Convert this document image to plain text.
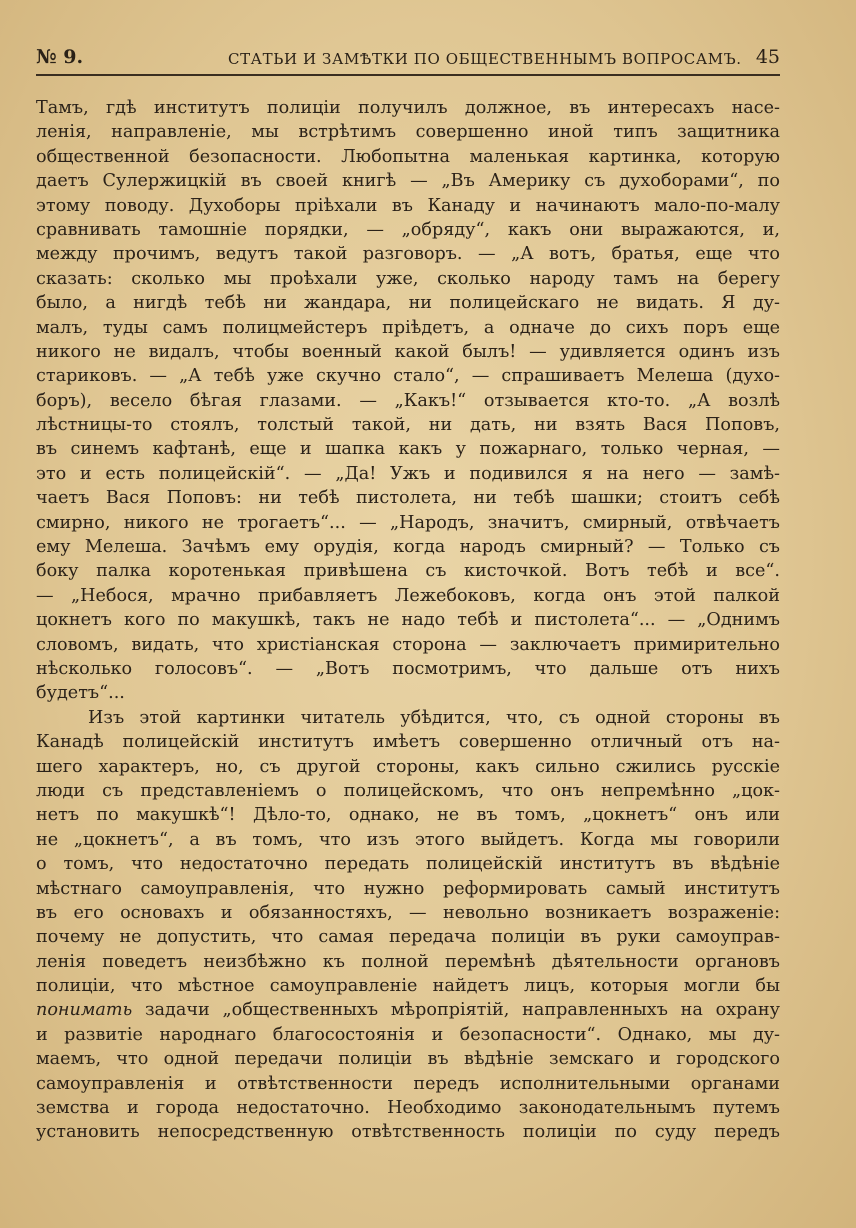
№ 9.	СТАТЬИ И ЗАМѢТКИ ПО ОБЩЕСТВЕННЫМЪ ВОПРОСАМЪ. 45
Тамъ, гдѣ институтъ полиціи получилъ должное, въ интересахъ насе-
ленія, направленіе, мы встрѣтимъ совершенно иной типъ защитника
общественной безопасности. Любопытна маленькая картинка, которую
даетъ Сулержицкій въ своей книгѣ — „Въ Америку съ духоборами“, по
этому поводу. Духоборы пріѣхали въ Канаду и начинаютъ мало-по-малу
сравнивать тамошніе порядки, — „обряду“, какъ они выражаются, и,
между прочимъ, ведутъ такой разговоръ. — „А вотъ, братья, еще что
сказать: сколько мы проѣхали уже, сколько народу тамъ на берегу
было, а нигдѣ тебѣ ни жандара, ни полицейскаго не видать. Я ду-
малъ, туды самъ полицмейстеръ пріѣдетъ, а одначе до сихъ поръ еще
никого не видалъ, чтобы военный какой былъ! — удивляется одинъ изъ
стариковъ. — „А тебѣ уже скучно стало“, — спрашиваетъ Мелеша (духо-
боръ), весело бѣгая глазами. — „Какъ!“ отзывается кто-то. „А возлѣ
лѣстницы-то стоялъ, толстый такой, ни дать, ни взять Вася Поповъ,
въ синемъ кафтанѣ, еще и шапка какъ у пожарнаго, только черная, —
это и есть полицейскій“. — „Да! Ужъ и подивился я на него — замѣ-
чаетъ Вася Поповъ: ни тебѣ пистолета, ни тебѣ шашки; стоитъ себѣ
смирно, никого не трогаетъ“... — „Народъ, значитъ, смирный, отвѣчаетъ
ему Мелеша. Зачѣмъ ему орудія, когда народъ смирный? — Только съ
боку палка коротенькая привѣшена съ кисточкой. Вотъ тебѣ и все“.
— „Небося, мрачно прибавляетъ Лежебоковъ, когда онъ этой палкой
цокнетъ кого по макушкѣ, такъ не надо тебѣ и пистолета“... — „Однимъ
словомъ, видать, что христіанская сторона — заключаетъ примирительно
нѣсколько голосовъ“. — „Вотъ посмотримъ, что дальше отъ нихъ
будетъ“...
Изъ этой картинки читатель убѣдится, что, съ одной стороны въ
Канадѣ полицейскій институтъ имѣетъ совершенно отличный отъ на-
шего характеръ, но, съ другой стороны, какъ сильно сжились русскіе
люди съ представленіемъ о полицейскомъ, что онъ непремѣнно „цок-
нетъ по макушкѣ“! Дѣло-то, однако, не въ томъ, „цокнетъ“ онъ или
не „цокнетъ“, а въ томъ, что изъ этого выйдетъ. Когда мы говорили
о томъ, что недостаточно передать полицейскій институтъ въ вѣдѣніе
мѣстнаго самоуправленія, что нужно реформировать самый институтъ
въ его основахъ и обязанностяхъ, — невольно возникаетъ возраженіе:
почему не допустить, что самая передача полиціи въ руки самоуправ-
ленія поведетъ неизбѣжно къ полной перемѣнѣ дѣятельности органовъ
полиціи, что мѣстное самоуправленіе найдетъ лицъ, которыя могли бы
понимать задачи „общественныхъ мѣропріятій, направленныхъ на охрану
и развитіе народнаго благосостоянія и безопасности“. Однако, мы ду-
маемъ, что одной передачи полиціи въ вѣдѣніе земскаго и городского
самоуправленія и отвѣтственности передъ исполнительными органами
земства и города недостаточно. Необходимо законодательнымъ путемъ
установить непосредственную отвѣтственность полиціи по суду передъ
